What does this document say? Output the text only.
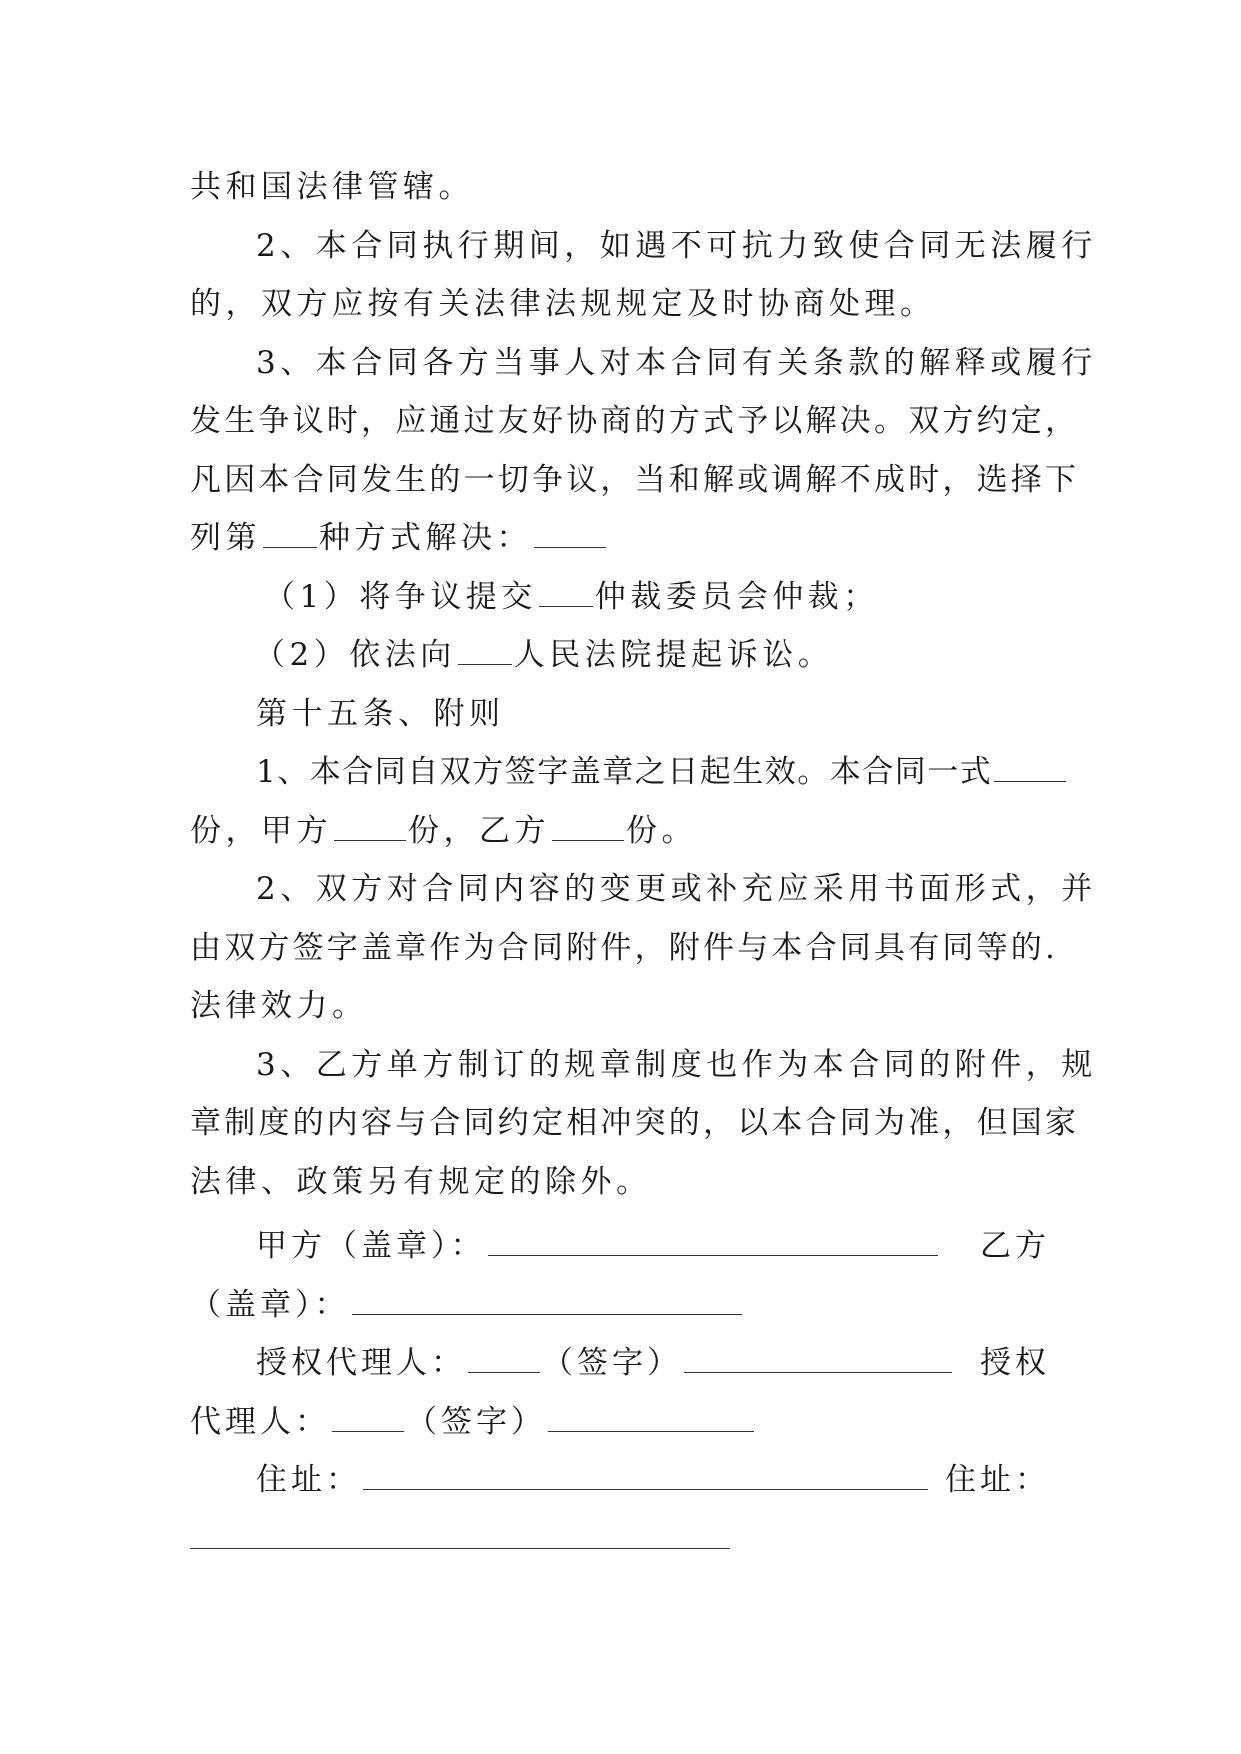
共和国法律管辖。

2、本合同执行期间，如遇不可抗力致使合同无法履行

的，双方应按有关法律法规规定及时协商处理。

3、本合同各方当事人对本合同有关条款的解释或履行

发生争议时，应通过友好协商的方式予以解决。双方约定，

凡因本合同发生的一切争议，当和解或调解不成时，选择下

列第 种方式解决：

（1）将争议提交 仲裁委员会仲裁；

（2）依法向 人民法院提起诉讼。

第十五条、附则

1、本合同自双方签字盖章之日起生效。本合同一式

份，甲方 份，乙方 份。

2、双方对合同内容的变更或补充应采用书面形式，并

由双方签字盖章作为合同附件，附件与本合同具有同等的.

法律效力。

3、乙方单方制订的规章制度也作为本合同的附件，规

章制度的内容与合同约定相冲突的，以本合同为准，但国家

法律、政策另有规定的除外。

甲方（盖章）：	乙方
（盖章）：
授权代理人： （签字）	授权
代理人： （签字）
住址：	住址：
